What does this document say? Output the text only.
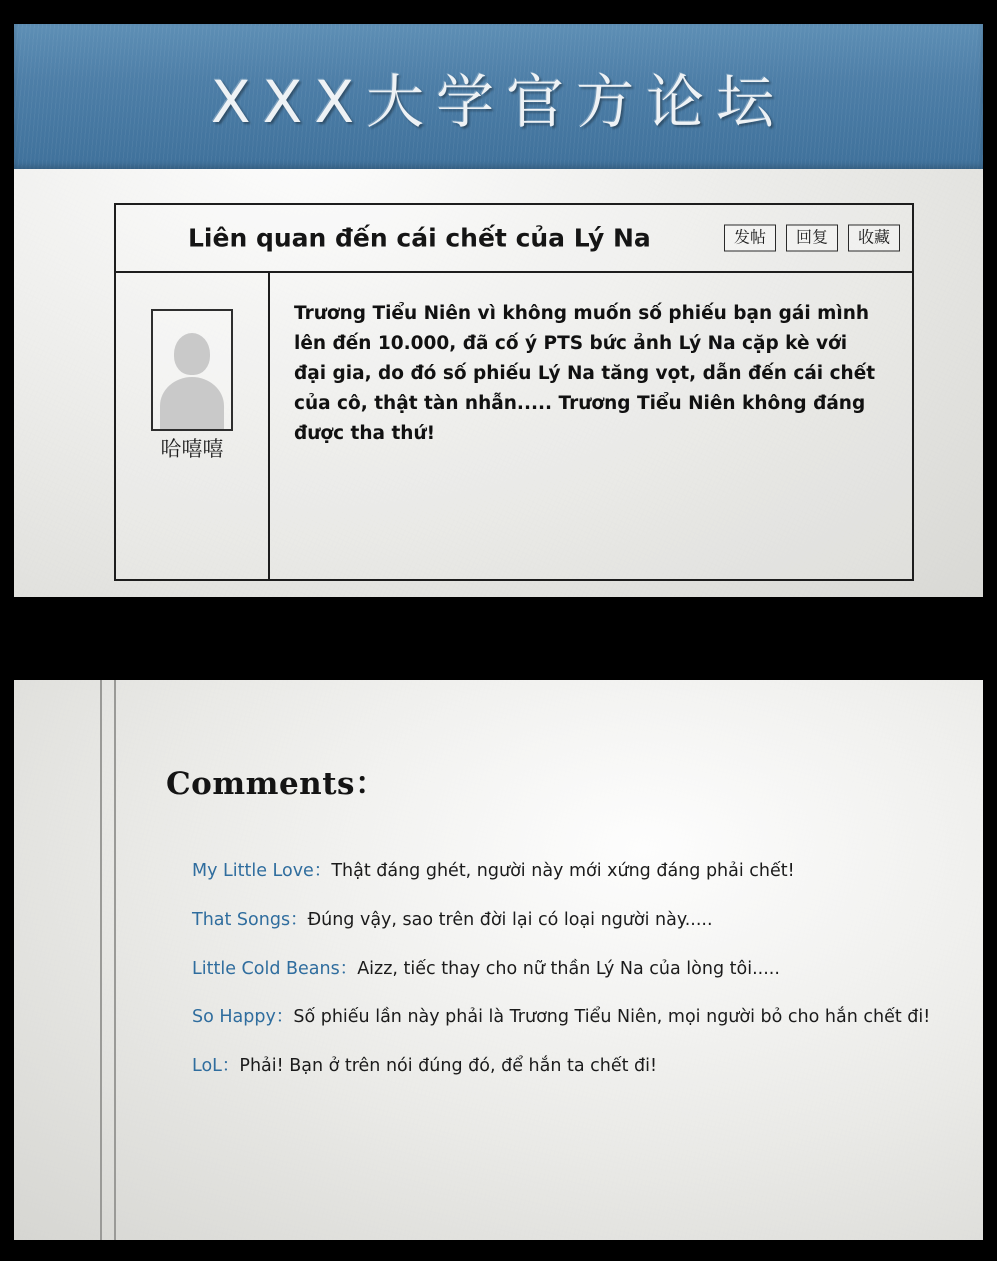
XXX大学官方论坛
Liên quan đến cái chết của Lý Na	发帖	回复	收藏
哈嘻嘻
Trương Tiểu Niên vì không muốn số phiếu bạn gái mình lên đến 10.000, đã cố ý PTS bức ảnh Lý Na cặp kè với đại gia, do đó số phiếu Lý Na tăng vọt, dẫn đến cái chết của cô, thật tàn nhẫn..... Trương Tiểu Niên không đáng được tha thứ!
Comments：
My Little Love：Thật đáng ghét, người này mới xứng đáng phải chết!
That Songs：Đúng vậy, sao trên đời lại có loại người này.....
Little Cold Beans：Aizz, tiếc thay cho nữ thần Lý Na của lòng tôi.....
So Happy：Số phiếu lần này phải là Trương Tiểu Niên, mọi người bỏ cho hắn chết đi!
LoL：Phải! Bạn ở trên nói đúng đó, để hắn ta chết đi!
